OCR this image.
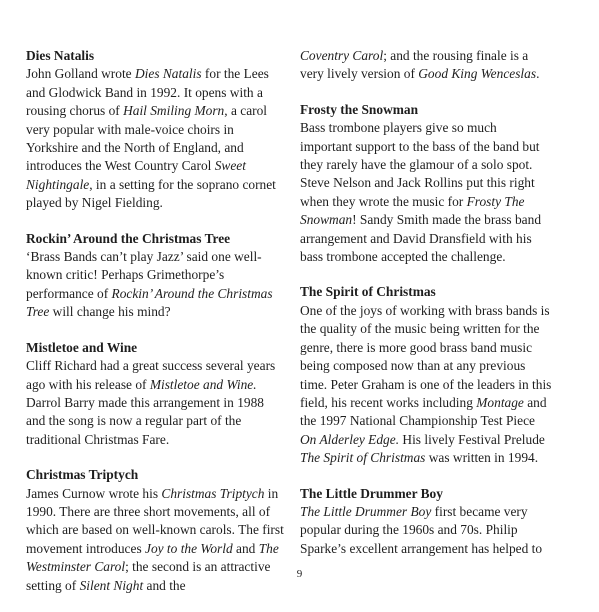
Dies Natalis

John Golland wrote Dies Natalis for the Lees and Glodwick Band in 1992. It opens with a rousing chorus of Hail Smiling Morn, a carol very popular with male-voice choirs in Yorkshire and the North of England, and introduces the West Country Carol Sweet Nightingale, in a setting for the soprano cornet played by Nigel Fielding.

Rockin’ Around the Christmas Tree

‘Brass Bands can’t play Jazz’ said one well-known critic! Perhaps Grimethorpe’s performance of Rockin’ Around the Christmas Tree will change his mind?

Mistletoe and Wine

Cliff Richard had a great success several years ago with his release of Mistletoe and Wine. Darrol Barry made this arrangement in 1988 and the song is now a regular part of the traditional Christmas Fare.

Christmas Triptych

James Curnow wrote his Christmas Triptych in 1990. There are three short movements, all of which are based on well-known carols. The first movement introduces Joy to the World and The Westminster Carol; the second is an attractive setting of Silent Night and the

Coventry Carol; and the rousing finale is a very lively version of Good King Wenceslas.

Frosty the Snowman

Bass trombone players give so much important support to the bass of the band but they rarely have the glamour of a solo spot. Steve Nelson and Jack Rollins put this right when they wrote the music for Frosty The Snowman! Sandy Smith made the brass band arrangement and David Dransfield with his bass trombone accepted the challenge.

The Spirit of Christmas

One of the joys of working with brass bands is the quality of the music being written for the genre, there is more good brass band music being composed now than at any previous time. Peter Graham is one of the leaders in this field, his recent works including Montage and the 1997 National Championship Test Piece On Alderley Edge. His lively Festival Prelude The Spirit of Christmas was written in 1994.

The Little Drummer Boy

The Little Drummer Boy first became very popular during the 1960s and 70s. Philip Sparke’s excellent arrangement has helped to

9
